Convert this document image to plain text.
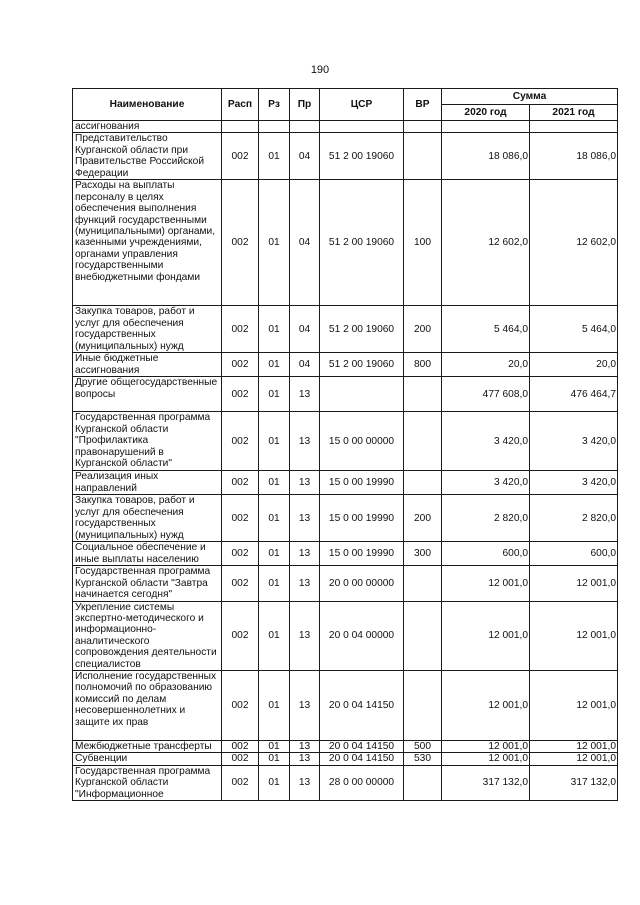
190
Наименование	Расп	Рз	Пр	ЦСР	ВР	Сумма	
						2020 год	2021 год
ассигнования							
Представительство Курганской области при Правительстве Российской Федерации	002	01	04	51 2 00 19060		18 086,0	18 086,0
Расходы на выплаты персоналу в целях обеспечения выполнения функций государственными (муниципальными) органами, казенными учреждениями, органами управления государственными внебюджетными фондами	002	01	04	51 2 00 19060	100	12 602,0	12 602,0
Закупка товаров, работ и услуг для обеспечения государственных (муниципальных) нужд	002	01	04	51 2 00 19060	200	5 464,0	5 464,0
Иные бюджетные ассигнования	002	01	04	51 2 00 19060	800	20,0	20,0
Другие общегосударственные вопросы	002	01	13			477 608,0	476 464,7
Государственная программа Курганской области "Профилактика правонарушений в Курганской области"	002	01	13	15 0 00 00000		3 420,0	3 420,0
Реализация иных направлений	002	01	13	15 0 00 19990		3 420,0	3 420,0
Закупка товаров, работ и услуг для обеспечения государственных (муниципальных) нужд	002	01	13	15 0 00 19990	200	2 820,0	2 820,0
Социальное обеспечение и иные выплаты населению	002	01	13	15 0 00 19990	300	600,0	600,0
Государственная программа Курганской области "Завтра начинается сегодня"	002	01	13	20 0 00 00000		12 001,0	12 001,0
Укрепление системы экспертно-методического и информационно-аналитического сопровождения деятельности специалистов	002	01	13	20 0 04 00000		12 001,0	12 001,0
Исполнение государственных полномочий по образованию комиссий по делам несовершеннолетних и защите их прав	002	01	13	20 0 04 14150		12 001,0	12 001,0
Межбюджетные трансферты	002	01	13	20 0 04 14150	500	12 001,0	12 001,0
Субвенции	002	01	13	20 0 04 14150	530	12 001,0	12 001,0
Государственная программа Курганской области "Информационное	002	01	13	28 0 00 00000		317 132,0	317 132,0
